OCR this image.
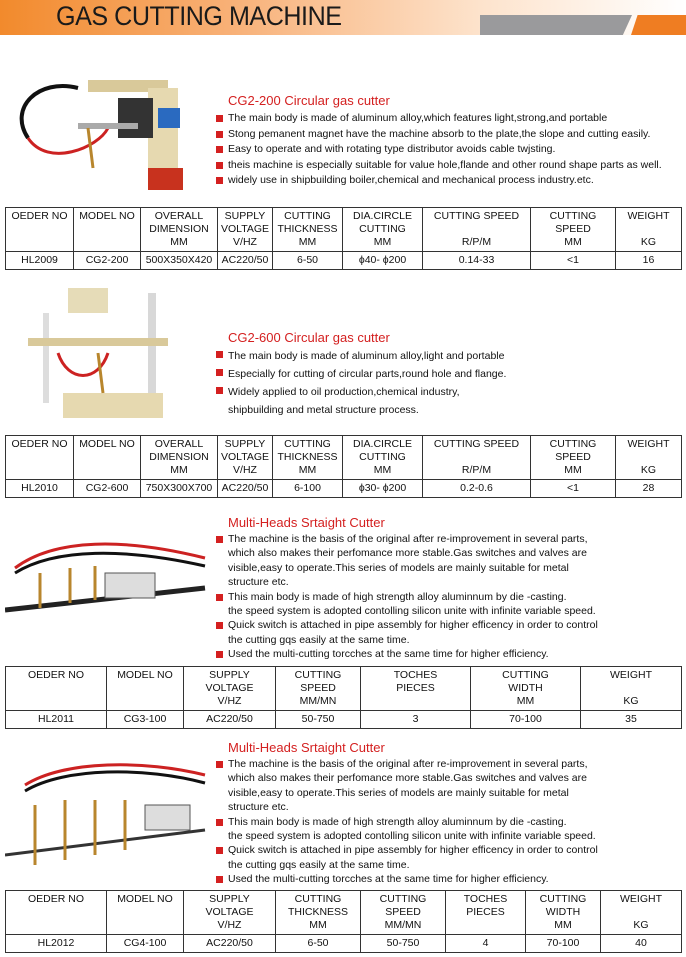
GAS CUTTING MACHINE
CG2-200 Circular gas cutter
The main body is made of aluminum alloy,which features light,strong,and portable
Stong pemanent magnet have the machine absorb to the plate,the slope and cutting easily.
Easy to operate and with rotating type distributor avoids cable twjsting.
theis machine is especially suitable for value hole,flande and other round shape parts as well.
widely use in shipbuilding boiler,chemical and mechanical process industry.etc.
OEDER NO	MODEL NO	OVERALL
DIMENSION
MM	SUPPLY
VOLTAGE
V/HZ	CUTTING
THICKNESS
MM	DIA.CIRCLE
CUTTING
MM	CUTTING SPEED

R/P/M	CUTTING
SPEED
MM	WEIGHT

KG

HL2009	CG2-200	500X350X420	AC220/50	6-50	ϕ40- ϕ200	0.14-33	<1	16
CG2-600 Circular gas cutter
The main body is made of aluminum alloy,light and portable
Especially for cutting of circular parts,round hole and flange.
Widely applied to oil production,chemical industry,
shipbuilding and metal structure process.
OEDER NO	MODEL NO	OVERALL
DIMENSION
MM	SUPPLY
VOLTAGE
V/HZ	CUTTING
THICKNESS
MM	DIA.CIRCLE
CUTTING
MM	CUTTING SPEED

R/P/M	CUTTING
SPEED
MM	WEIGHT

KG

HL2010	CG2-600	750X300X700	AC220/50	6-100	ϕ30- ϕ200	0.2-0.6	<1	28
Multi-Heads Srtaight Cutter
The machine is the basis of the original after re-improvement in several parts,
which also makes their perfomance more stable.Gas switches and valves are
visible,easy to operate.This series of models are mainly suitable for metal
structure etc.
This main body is made of high strength alloy aluminnum by die -casting.
the speed system is adopted contolling silicon unite with infinite variable speed.
Quick switch is attached in pipe assembly for higher efficency in order to control
the cutting gqs easily at the same time.
Used the multi-cutting torcches at the same time for higher efficiency.
OEDER NO	MODEL NO	SUPPLY
VOLTAGE
V/HZ	CUTTING
SPEED
MM/MN	TOCHES
PIECES	CUTTING
WIDTH
MM	WEIGHT

KG

HL2011	CG3-100	AC220/50	50-750	3	70-100	35
Multi-Heads Srtaight Cutter
The machine is the basis of the original after re-improvement in several parts,
which also makes their perfomance more stable.Gas switches and valves are
visible,easy to operate.This series of models are mainly suitable for metal
structure etc.
This main body is made of high strength alloy aluminnum by die -casting.
the speed system is adopted contolling silicon unite with infinite variable speed.
Quick switch is attached in pipe assembly for higher efficency in order to control
the cutting gqs easily at the same time.
Used the multi-cutting torcches at the same time for higher efficiency.
OEDER NO	MODEL NO	SUPPLY
VOLTAGE
V/HZ	CUTTING
THICKNESS
MM	CUTTING
SPEED
MM/MN	TOCHES
PIECES	CUTTING
WIDTH
MM	WEIGHT

KG

HL2012	CG4-100	AC220/50	6-50	50-750	4	70-100	40
